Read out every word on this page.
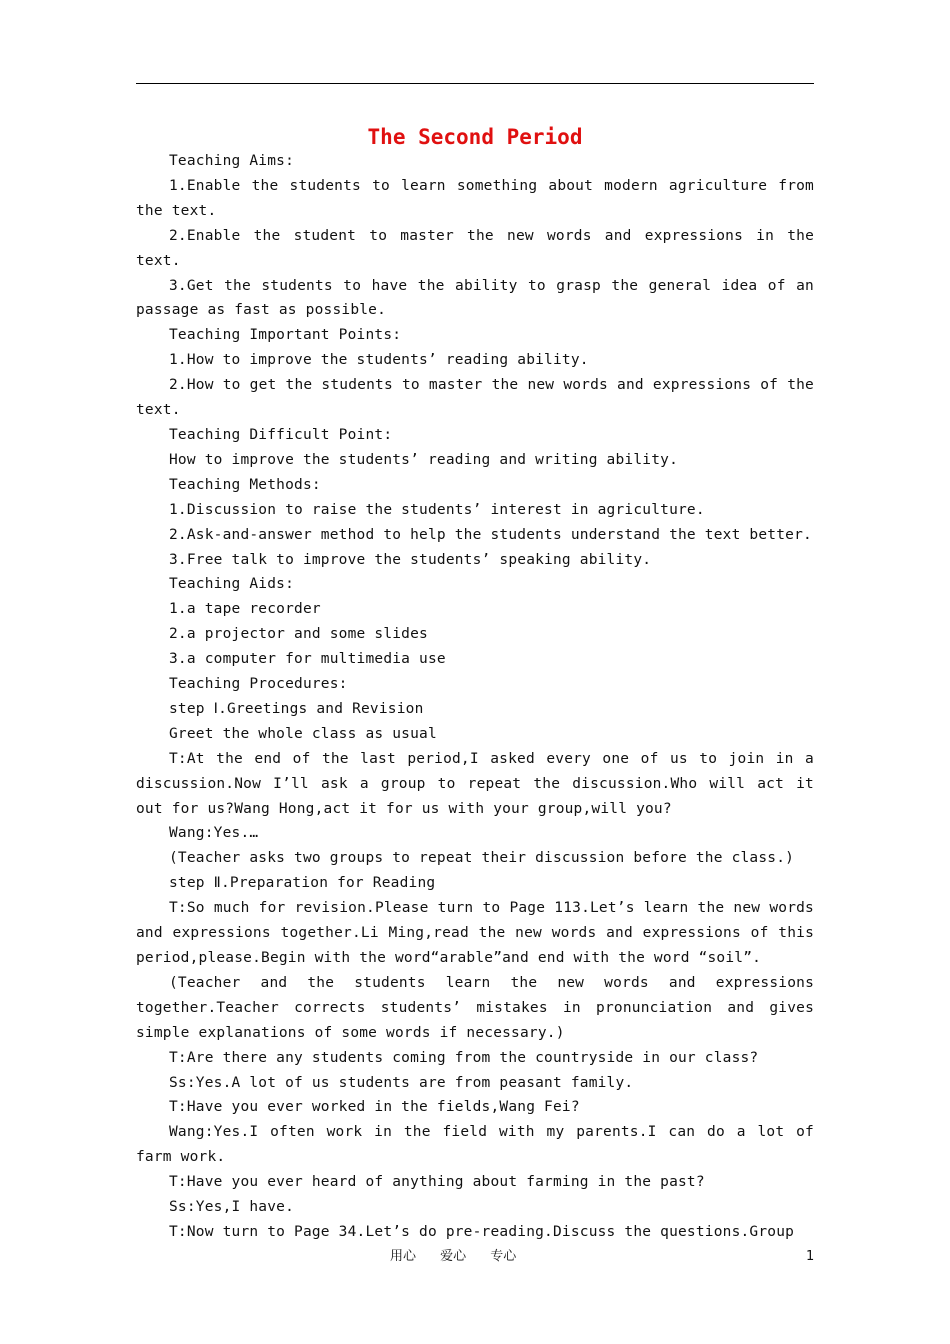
The Second Period

Teaching Aims:

1.Enable the students to learn something about modern agriculture from the text.

2.Enable the student to master the new words and expressions in the text.

3.Get the students to have the ability to grasp the general idea of an passage as fast as possible.

Teaching Important Points:

1.How to improve the students’ reading ability.

2.How to get the students to master the new words and expressions of the text.

Teaching Difficult Point:

How to improve the students’ reading and writing ability.

Teaching Methods:

1.Discussion to raise the students’ interest in agriculture.

2.Ask-and-answer method to help the students understand the text better.

3.Free talk to improve the students’ speaking ability.

Teaching Aids:

1.a tape recorder

2.a projector and some slides

3.a computer for multimedia use

Teaching Procedures:

step Ⅰ.Greetings and Revision

Greet the whole class as usual

T:At the end of the last period,I asked every one of us to join in a discussion.Now I’ll ask a group to repeat the discussion.Who will act it out for us?Wang Hong,act it for us with your group,will you?

Wang:Yes.…

(Teacher asks two groups to repeat their discussion before the class.)

step Ⅱ.Preparation for Reading

T:So much for revision.Please turn to Page 113.Let’s learn the new words and expressions together.Li Ming,read the new words and expressions of this period,please.Begin with the word“arable”and end with the word “soil”.

(Teacher and the students learn the new words and expressions together.Teacher corrects students’ mistakes in pronunciation and gives simple explanations of some words if necessary.)

T:Are there any students coming from the countryside in our class?

Ss:Yes.A lot of us students are from peasant family.

T:Have you ever worked in the fields,Wang Fei?

Wang:Yes.I often work in the field with my parents.I can do a lot of farm work.

T:Have you ever heard of anything about farming in the past?

Ss:Yes,I have.

T:Now turn to Page 34.Let’s do pre-reading.Discuss the questions.Group

用心 爱心 专心	1
